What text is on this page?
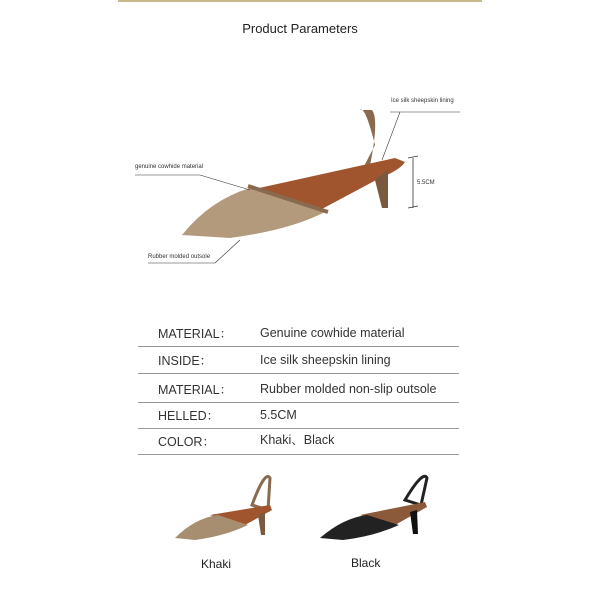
Product Parameters
Ice silk sheepskin lining
genuine cowhide material
Rubber molded outsole
5.5CM
MATERIAL： Genuine cowhide material
INSIDE：	Ice silk sheepskin lining
MATERIAL： Rubber molded non-slip outsole
HELLED：	5.5CM
COLOR：	Khaki、Black
Khaki	Black
